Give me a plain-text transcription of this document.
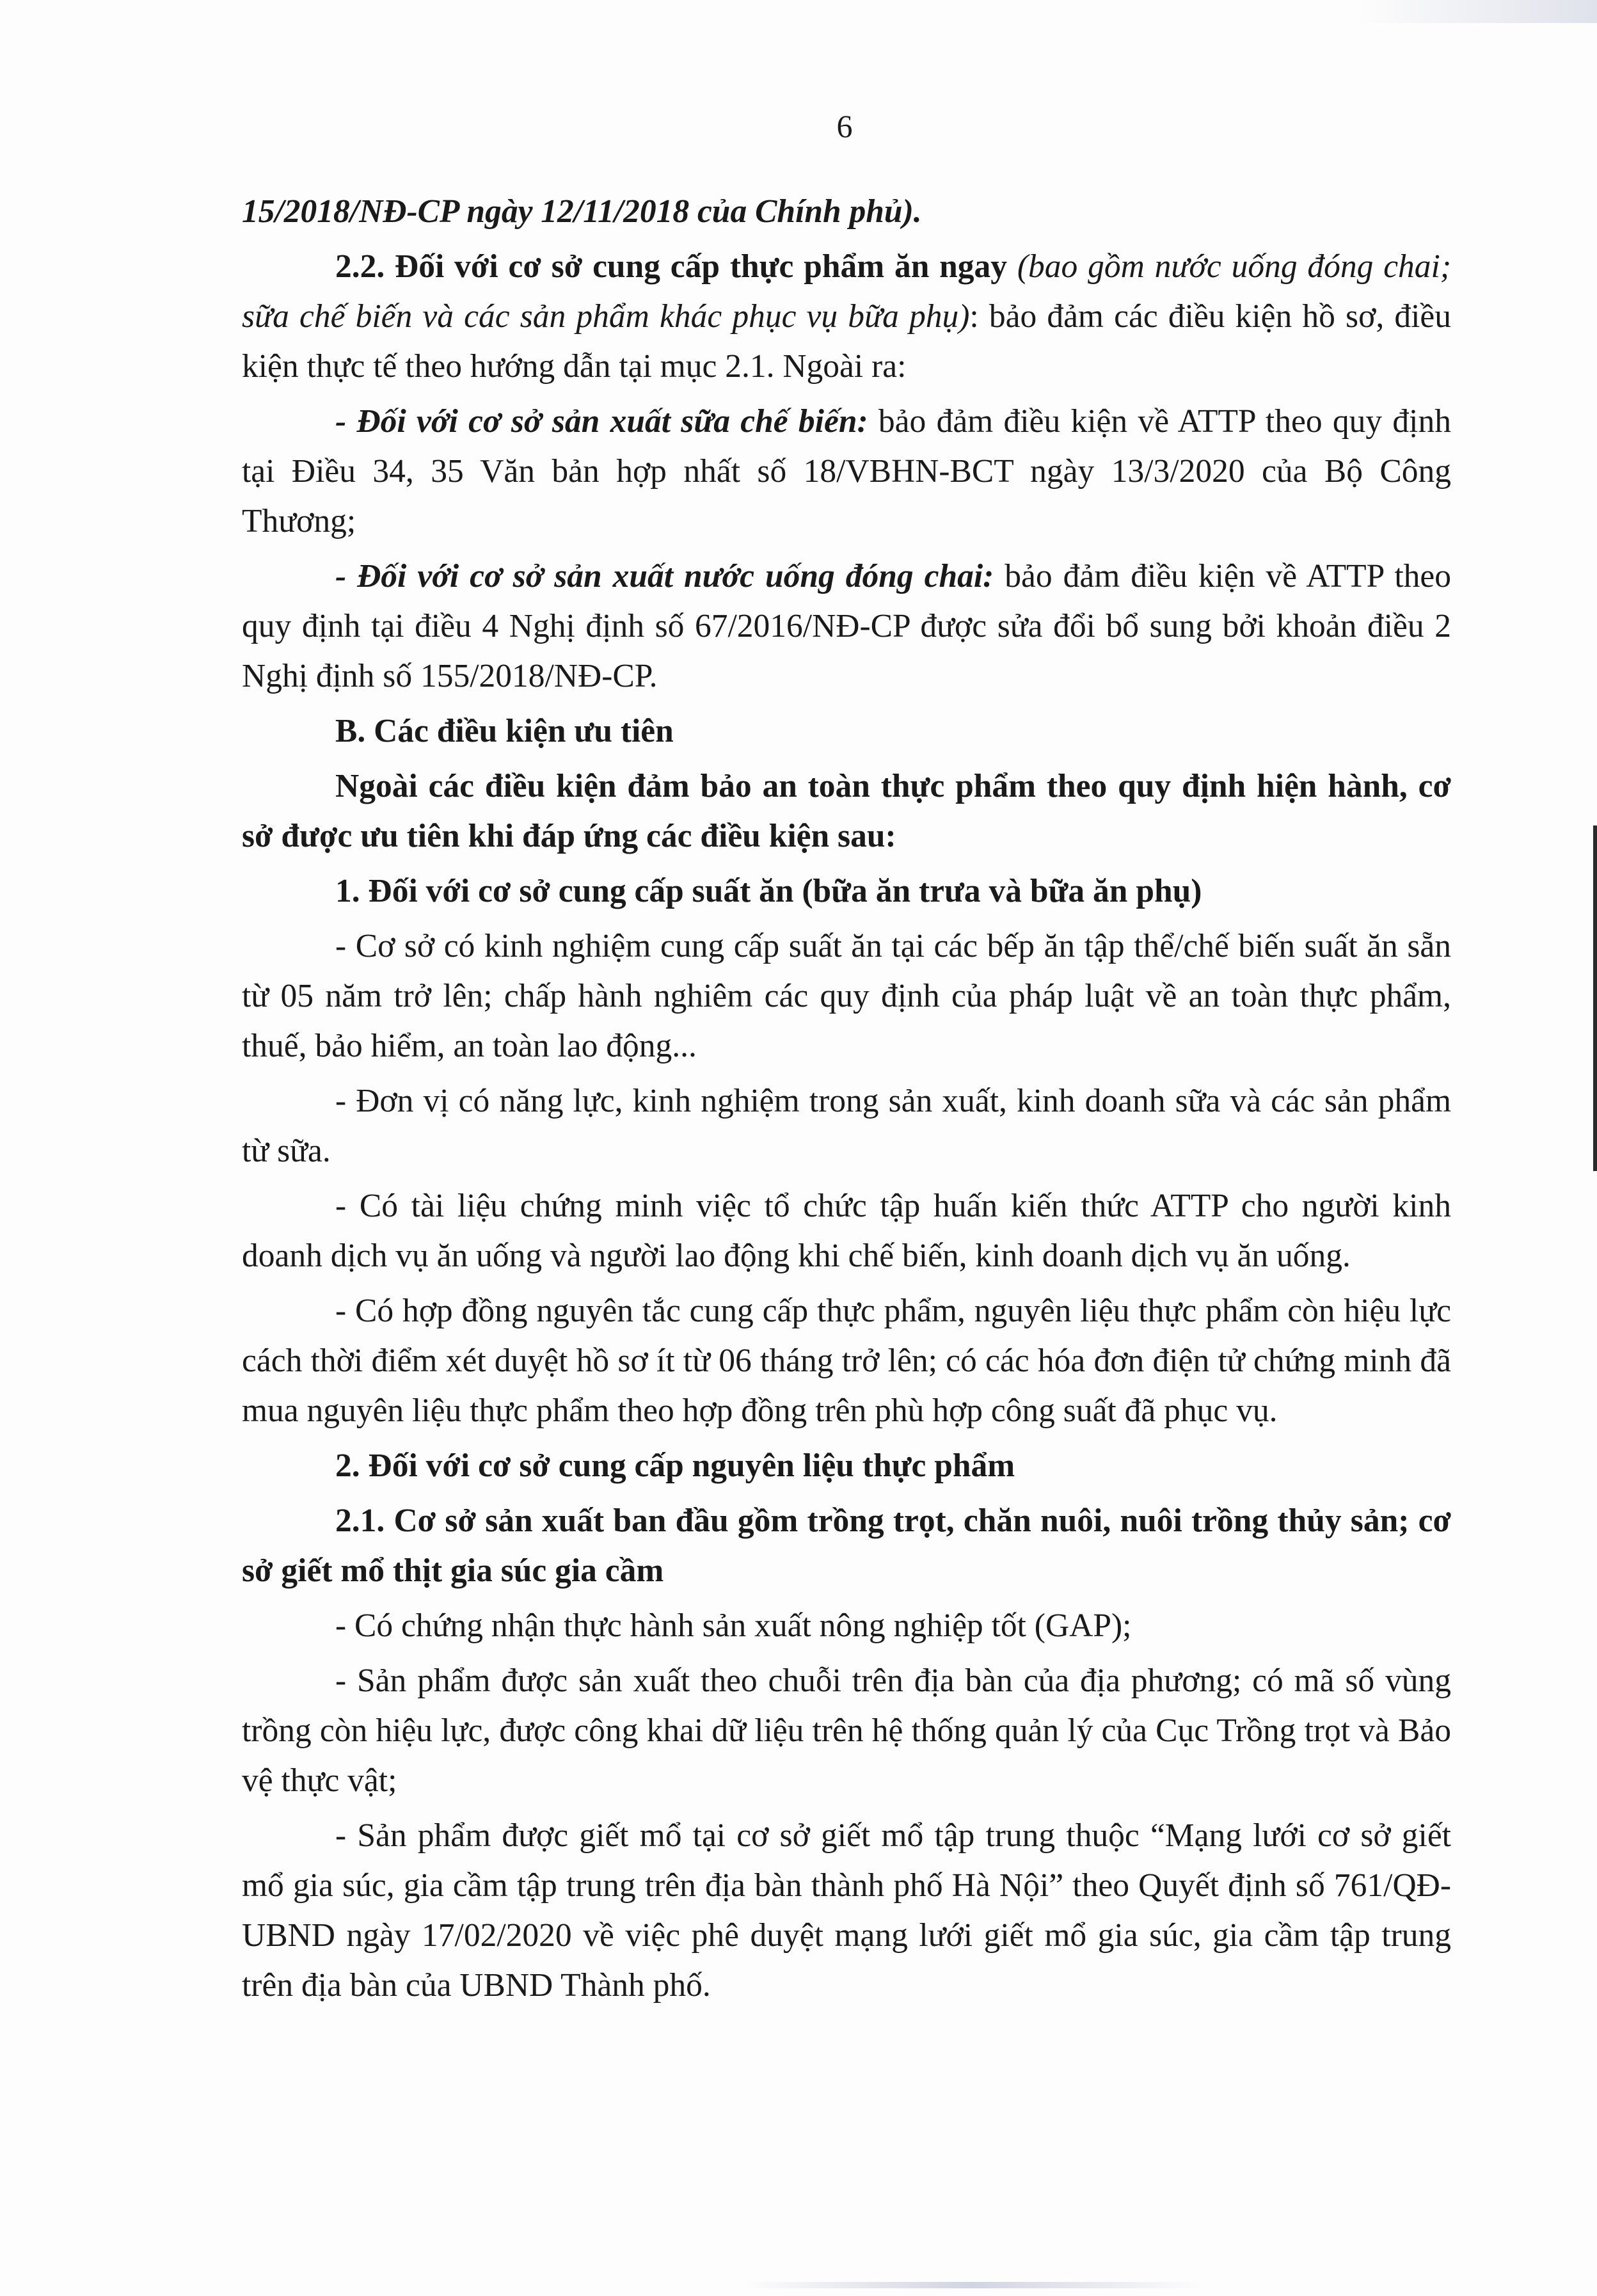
6

15/2018/NĐ-CP ngày 12/11/2018 của Chính phủ).

2.2. Đối với cơ sở cung cấp thực phẩm ăn ngay (bao gồm nước uống đóng chai; sữa chế biến và các sản phẩm khác phục vụ bữa phụ): bảo đảm các điều kiện hồ sơ, điều kiện thực tế theo hướng dẫn tại mục 2.1. Ngoài ra:

- Đối với cơ sở sản xuất sữa chế biến: bảo đảm điều kiện về ATTP theo quy định tại Điều 34, 35 Văn bản hợp nhất số 18/VBHN-BCT ngày 13/3/2020 của Bộ Công Thương;

- Đối với cơ sở sản xuất nước uống đóng chai: bảo đảm điều kiện về ATTP theo quy định tại điều 4 Nghị định số 67/2016/NĐ-CP được sửa đổi bổ sung bởi khoản điều 2 Nghị định số 155/2018/NĐ-CP.

B. Các điều kiện ưu tiên

Ngoài các điều kiện đảm bảo an toàn thực phẩm theo quy định hiện hành, cơ sở được ưu tiên khi đáp ứng các điều kiện sau:

1. Đối với cơ sở cung cấp suất ăn (bữa ăn trưa và bữa ăn phụ)

- Cơ sở có kinh nghiệm cung cấp suất ăn tại các bếp ăn tập thể/chế biến suất ăn sẵn từ 05 năm trở lên; chấp hành nghiêm các quy định của pháp luật về an toàn thực phẩm, thuế, bảo hiểm, an toàn lao động...

- Đơn vị có năng lực, kinh nghiệm trong sản xuất, kinh doanh sữa và các sản phẩm từ sữa.

- Có tài liệu chứng minh việc tổ chức tập huấn kiến thức ATTP cho người kinh doanh dịch vụ ăn uống và người lao động khi chế biến, kinh doanh dịch vụ ăn uống.

- Có hợp đồng nguyên tắc cung cấp thực phẩm, nguyên liệu thực phẩm còn hiệu lực cách thời điểm xét duyệt hồ sơ ít từ 06 tháng trở lên; có các hóa đơn điện tử chứng minh đã mua nguyên liệu thực phẩm theo hợp đồng trên phù hợp công suất đã phục vụ.

2. Đối với cơ sở cung cấp nguyên liệu thực phẩm

2.1. Cơ sở sản xuất ban đầu gồm trồng trọt, chăn nuôi, nuôi trồng thủy sản; cơ sở giết mổ thịt gia súc gia cầm

- Có chứng nhận thực hành sản xuất nông nghiệp tốt (GAP);

- Sản phẩm được sản xuất theo chuỗi trên địa bàn của địa phương; có mã số vùng trồng còn hiệu lực, được công khai dữ liệu trên hệ thống quản lý của Cục Trồng trọt và Bảo vệ thực vật;

- Sản phẩm được giết mổ tại cơ sở giết mổ tập trung thuộc “Mạng lưới cơ sở giết mổ gia súc, gia cầm tập trung trên địa bàn thành phố Hà Nội” theo Quyết định số 761/QĐ-UBND ngày 17/02/2020 về việc phê duyệt mạng lưới giết mổ gia súc, gia cầm tập trung trên địa bàn của UBND Thành phố.
